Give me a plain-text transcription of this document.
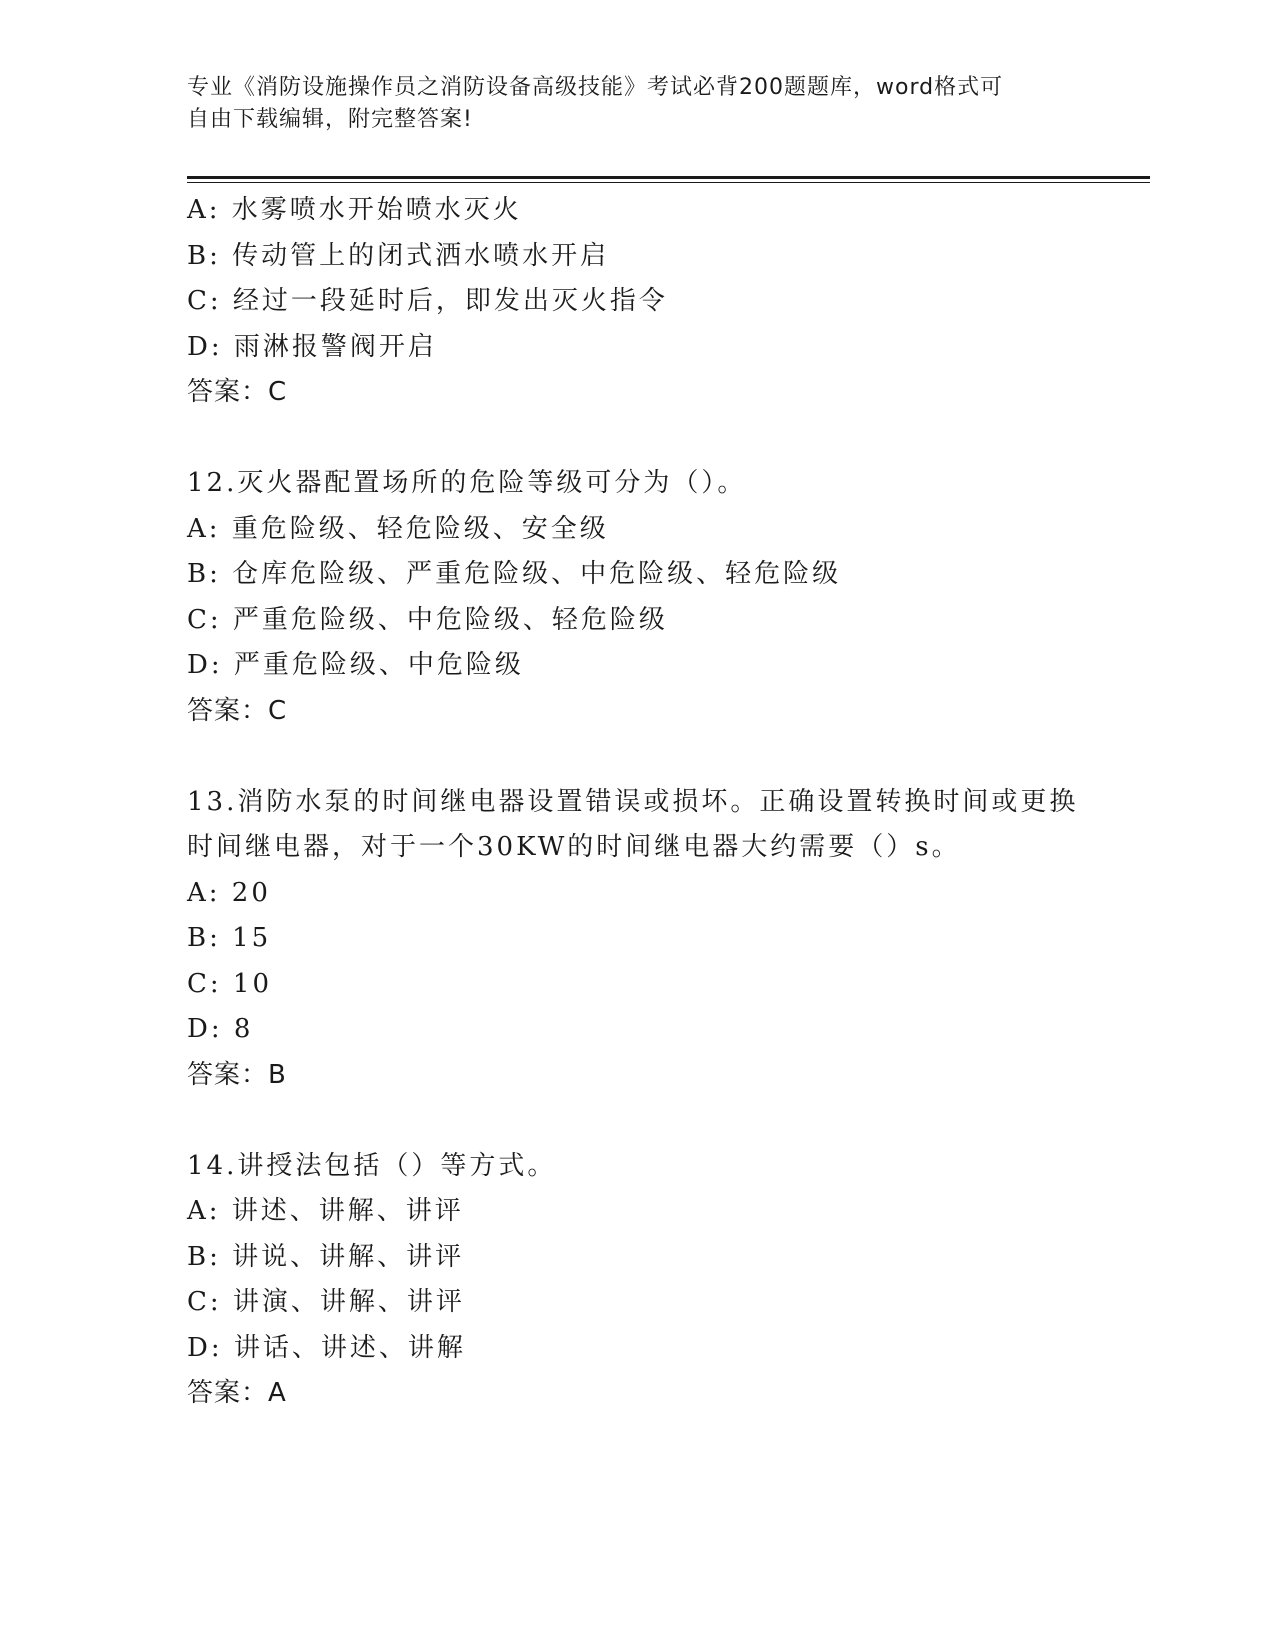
专业《消防设施操作员之消防设备高级技能》考试必背200题题库，word格式可
自由下载编辑，附完整答案!
A: 水雾喷水开始喷水灭火
B: 传动管上的闭式洒水喷水开启
C: 经过一段延时后，即发出灭火指令
D: 雨淋报警阀开启
答案：C
12.灭火器配置场所的危险等级可分为（）。
A: 重危险级、轻危险级、安全级
B: 仓库危险级、严重危险级、中危险级、轻危险级
C: 严重危险级、中危险级、轻危险级
D: 严重危险级、中危险级
答案：C
13.消防水泵的时间继电器设置错误或损坏。正确设置转换时间或更换
时间继电器，对于一个30KW的时间继电器大约需要（）s。
A: 20
B: 15
C: 10
D: 8
答案：B
14.讲授法包括（）等方式。
A: 讲述、讲解、讲评
B: 讲说、讲解、讲评
C: 讲演、讲解、讲评
D: 讲话、讲述、讲解
答案：A
